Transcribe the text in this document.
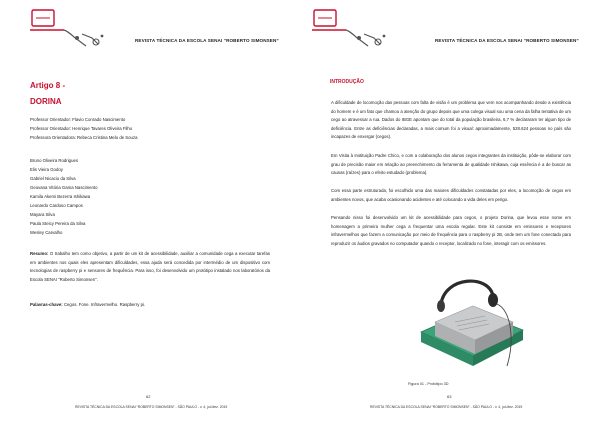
REVISTA TÉCNICA DA ESCOLA SENAI “ROBERTO SIMONSEN”
Artigo 8 -
DORINA
Professor Orientador: Flavio Conrado Nascimento
Professor Orientador: Henrique Tavares Oliveira Filho
Professora Orientadora: Rebeca Cristina Melo de Souza
Bruno Oliveira Rodrigues
Elis Vieira Godoy
Gabriel Nicacio da Silva
Geovana Vitória Gama Nascimento
Kamila Akemi Bezerra Ishikawa
Leonardo Cardoso Campos
Mayara Silva
Paula Steicy Pereira da Silva
Wesley Carvalho
Resumo: O trabalho tem como objetivo, a partir de um kit de acessibilidade, auxiliar a comunidade cega a executar tarefas em ambientes nos quais eles apresentam dificuldades, essa ajuda será concedida por intermédio de um dispositivo com tecnologias de raspberry pi e sensores de frequência. Para isso, foi desenvolvido um protótipo instalado nos laboratórios da Escola SENAI “Roberto Simonsen”.
Palavras-chave: Cegos. Fone. Infravermelho. Raspberry pi.
62
REVISTA TÉCNICA DA ESCOLA SENAI “ROBERTO SIMONSEN” - SÃO PAULO - v. 4, jul./dez. 2019
REVISTA TÉCNICA DA ESCOLA SENAI “ROBERTO SIMONSEN”
INTRODUÇÃO
A dificuldade de locomoção das pessoas com falta de visão é um problema que vem nos acompanhando desde a existência do homem e é um fato que chamou a atenção do grupo depois que uma colega visual sou uma cena da falha tentativa de um cego ao atravessar a rua. Dados do IBGE apontam que do total da população brasileira, 6,7 % declararam ter algum tipo de deficiência. Entre as deficiências declaradas, a mais comum foi a visual: aproximadamente, 528.624 pessoas no país são incapazes de enxergar (cegos).
Em Visita à Instituição Padre Chico, e com a colaboração dos alunos cegos integrantes da instituição, pôde-se elaborar com grau de precisão maior em relação ao preenchimento da ferramenta de qualidade Ishikawa, cuja essência é a de buscar as causas (raízes) para o efeito estudado (problema).
Com essa parte estruturada, foi escolhido uma das maiores dificuldades constatadas por eles, a locomoção de cegos em ambientes novos, que acaba ocasionando acidentes e até colocando a vida deles em perigo.
Pensando nisso foi desenvolvido um kit de acessibilidade para cegos, o projeto Dorina, que levou esse nome em homenagem a primeira mulher cega a frequentar uma escola regular. Este kit consiste em emissores e receptores infravermelhos que fazem a comunicação por meio de frequência para o raspberry pi 2B, onde tem um fone conectado para reproduzir os áudios gravados no computador quando o receptor, localizado no fone, interagir com os emissores.
Figura 01 - Protótipo 3D
63
REVISTA TÉCNICA DA ESCOLA SENAI “ROBERTO SIMONSEN” - SÃO PAULO - v. 4, jul./dez. 2019
